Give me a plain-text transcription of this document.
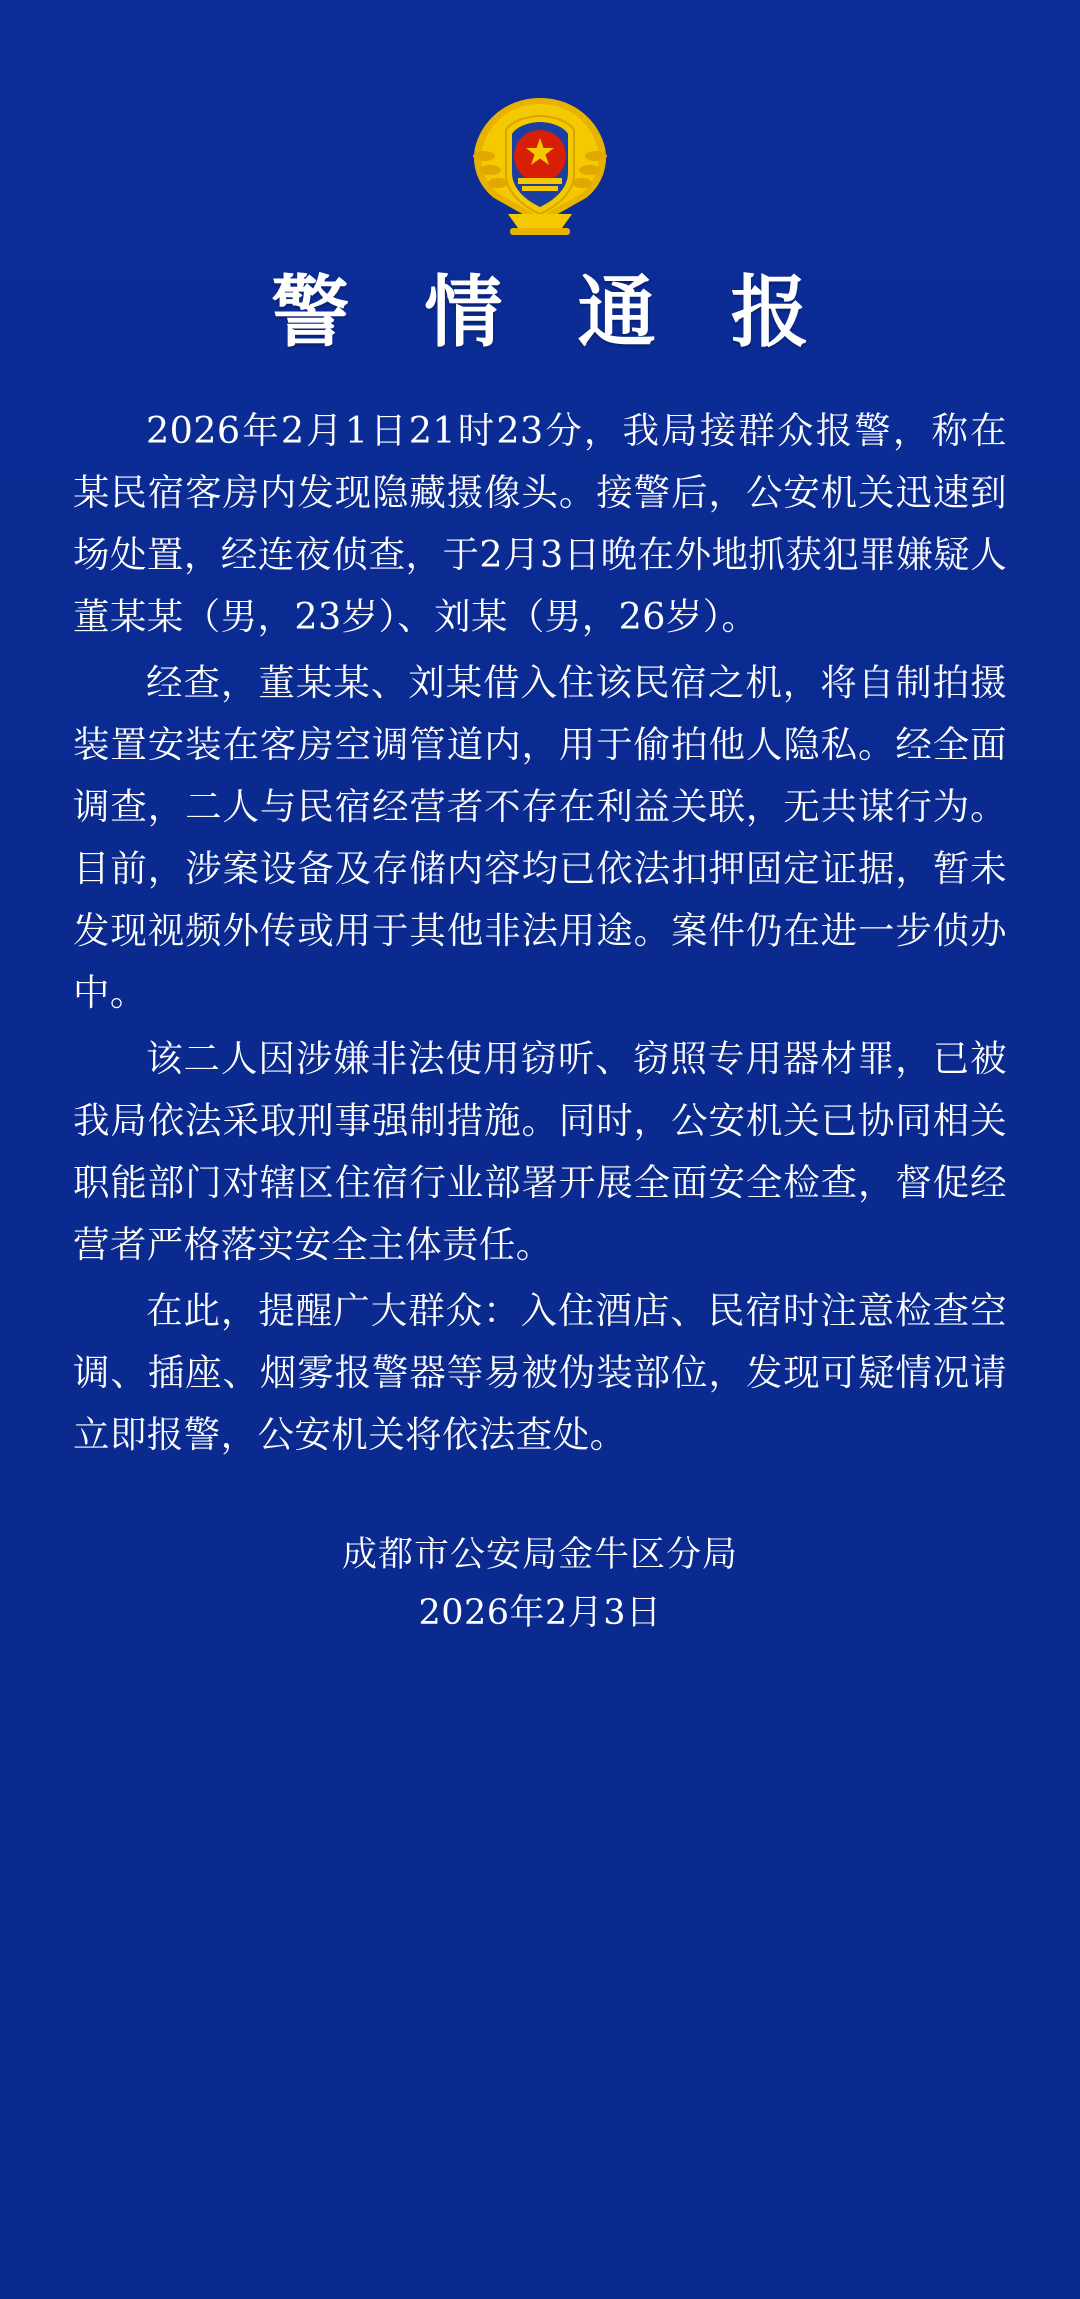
警 情 通 报

2026年2月1日21时23分，我局接群众报警，称在某民宿客房内发现隐藏摄像头。接警后，公安机关迅速到场处置，经连夜侦查，于2月3日晚在外地抓获犯罪嫌疑人董某某（男，23岁）、刘某（男，26岁）。

经查，董某某、刘某借入住该民宿之机，将自制拍摄装置安装在客房空调管道内，用于偷拍他人隐私。经全面调查，二人与民宿经营者不存在利益关联，无共谋行为。目前，涉案设备及存储内容均已依法扣押固定证据，暂未发现视频外传或用于其他非法用途。案件仍在进一步侦办中。

该二人因涉嫌非法使用窃听、窃照专用器材罪，已被我局依法采取刑事强制措施。同时，公安机关已协同相关职能部门对辖区住宿行业部署开展全面安全检查，督促经营者严格落实安全主体责任。

在此，提醒广大群众：入住酒店、民宿时注意检查空调、插座、烟雾报警器等易被伪装部位，发现可疑情况请立即报警，公安机关将依法查处。

成都市公安局金牛区分局
2026年2月3日
